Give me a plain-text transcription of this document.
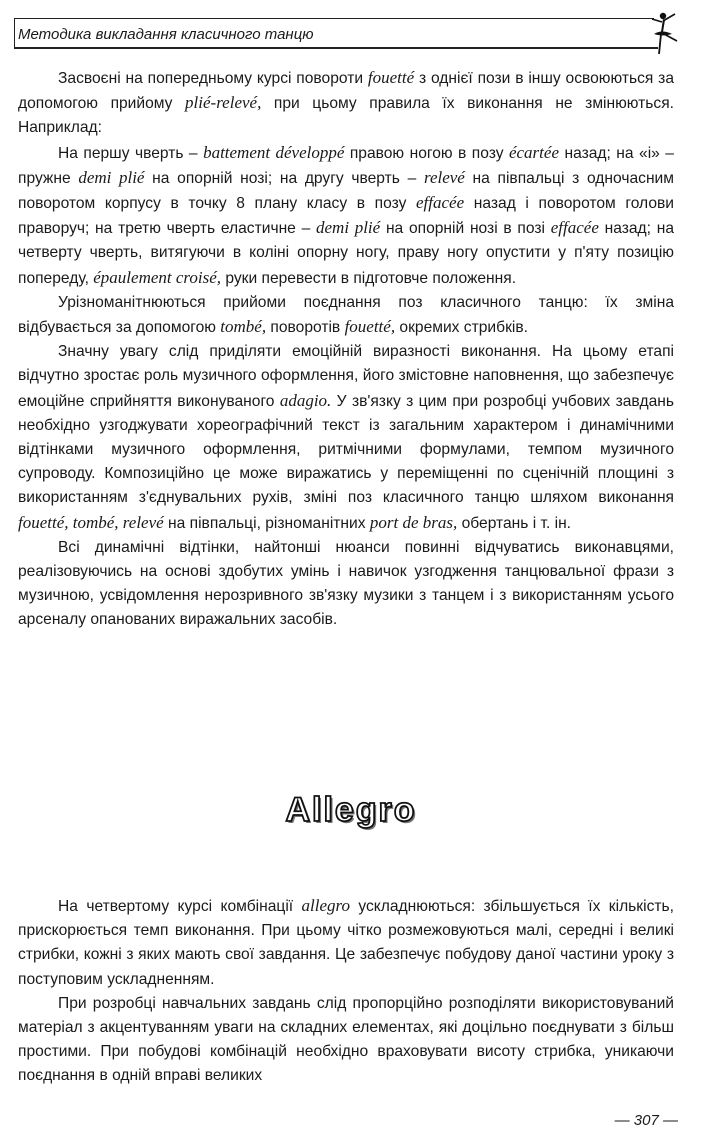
Методика викладання класичного танцю

Засвоєні на попередньому курсі повороти fouetté з однієї пози в іншу освоюються за допомогою прийому plié-relevé, при цьому правила їх виконання не змінюються. Наприклад:

На першу чверть – battement développé правою ногою в позу écartée назад; на «і» – пружне demi plié на опорній нозі; на другу чверть – relevé на півпальці з одночасним поворотом корпусу в точку 8 плану класу в позу effacée назад і поворотом голови праворуч; на третю чверть еластичне – demi plié на опорній нозі в позі effacée назад; на четверту чверть, витягуючи в коліні опорну ногу, праву ногу опустити у п'яту позицію попереду, épaulement croisé, руки перевести в підготовче положення.

Урізноманітнюються прийоми поєднання поз класичного танцю: їх зміна відбувається за допомогою tombé, поворотів fouetté, окремих стрибків.

Значну увагу слід приділяти емоційній виразності виконання. На цьому етапі відчутно зростає роль музичного оформлення, його змістовне наповнення, що забезпечує емоційне сприйняття виконуваного adagio. У зв'язку з цим при розробці учбових завдань необхідно узгоджувати хореографічний текст із загальним характером і динамічними відтінками музичного оформлення, ритмічними формулами, темпом музичного супроводу. Композиційно це може виражатись у переміщенні по сценічній площині з використанням з'єднувальних рухів, зміні поз класичного танцю шляхом виконання fouetté, tombé, relevé на півпальці, різноманітних port de bras, обертань і т. ін.

Всі динамічні відтінки, найтонші нюанси повинні відчуватись виконавцями, реалізовуючись на основі здобутих умінь і навичок узгодження танцювальної фрази з музичною, усвідомлення нерозривного зв'язку музики з танцем і з використанням усього арсеналу опанованих виражальних засобів.

Allegro

На четвертому курсі комбінації allegro ускладнюються: збільшується їх кількість, прискорюється темп виконання. При цьому чітко розмежовуються малі, середні і великі стрибки, кожні з яких мають свої завдання. Це забезпечує побудову даної частини уроку з поступовим ускладненням.

При розробці навчальних завдань слід пропорційно розподіляти використовуваний матеріал з акцентуванням уваги на складних елементах, які доцільно поєднувати з більш простими. При побудові комбінацій необхідно враховувати висоту стрибка, уникаючи поєднання в одній вправі великих

— 307 —
